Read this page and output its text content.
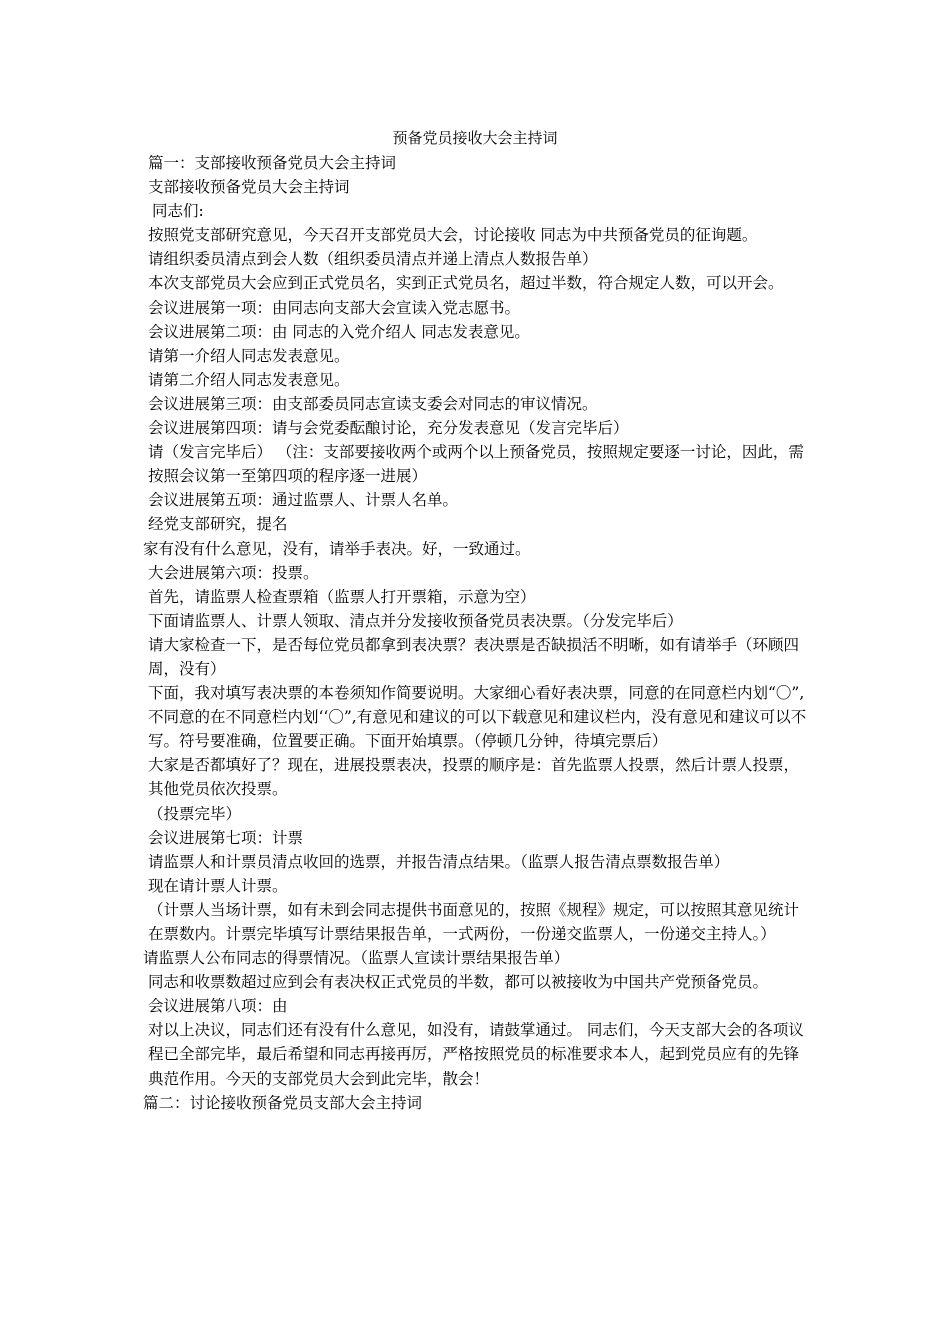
预备党员接收大会主持词

篇一：支部接收预备党员大会主持词

支部接收预备党员大会主持词

同志们:

按照党支部研究意见，今天召开支部党员大会，讨论接收 同志为中共预备党员的征询题。

请组织委员清点到会人数（组织委员清点并递上清点人数报告单）

本次支部党员大会应到正式党员名，实到正式党员名，超过半数，符合规定人数，可以开会。

会议进展第一项：由同志向支部大会宣读入党志愿书。

会议进展第二项：由 同志的入党介绍人 同志发表意见。

请第一介绍人同志发表意见。

请第二介绍人同志发表意见。

会议进展第三项：由支部委员同志宣读支委会对同志的审议情况。

会议进展第四项：请与会党委酝酿讨论，充分发表意见（发言完毕后）

请（发言完毕后） （注：支部要接收两个或两个以上预备党员，按照规定要逐一讨论，因此，需按照会议第一至第四项的程序逐一进展）

会议进展第五项：通过监票人、计票人名单。

经党支部研究，提名

家有没有什么意见，没有，请举手表决。好，一致通过。

大会进展第六项：投票。

首先，请监票人检查票箱（监票人打开票箱，示意为空）

下面请监票人、计票人领取、清点并分发接收预备党员表决票。（分发完毕后）

请大家检查一下，是否每位党员都拿到表决票？表决票是否缺损活不明晰，如有请举手（环顾四周，没有）

下面，我对填写表决票的本卷须知作简要说明。大家细心看好表决票，同意的在同意栏内划“〇”,不同意的在不同意栏内划‘‘〇”,有意见和建议的可以下载意见和建议栏内，没有意见和建议可以不写。符号要准确，位置要正确。下面开始填票。（停顿几分钟，待填完票后）

大家是否都填好了？现在，进展投票表决，投票的顺序是：首先监票人投票，然后计票人投票，其他党员依次投票。

（投票完毕）

会议进展第七项：计票

请监票人和计票员清点收回的选票，并报告清点结果。（监票人报告清点票数报告单）

现在请计票人计票。

（计票人当场计票，如有未到会同志提供书面意见的，按照《规程》规定，可以按照其意见统计在票数内。计票完毕填写计票结果报告单，一式两份，一份递交监票人，一份递交主持人。）

请监票人公布同志的得票情况。（监票人宣读计票结果报告单）

同志和收票数超过应到会有表决权正式党员的半数，都可以被接收为中国共产党预备党员。

会议进展第八项：由

对以上决议，同志们还有没有什么意见，如没有，请鼓掌通过。 同志们，今天支部大会的各项议程已全部完毕，最后希望和同志再接再厉，严格按照党员的标准要求本人，起到党员应有的先锋典范作用。今天的支部党员大会到此完毕，散会！

篇二：讨论接收预备党员支部大会主持词
